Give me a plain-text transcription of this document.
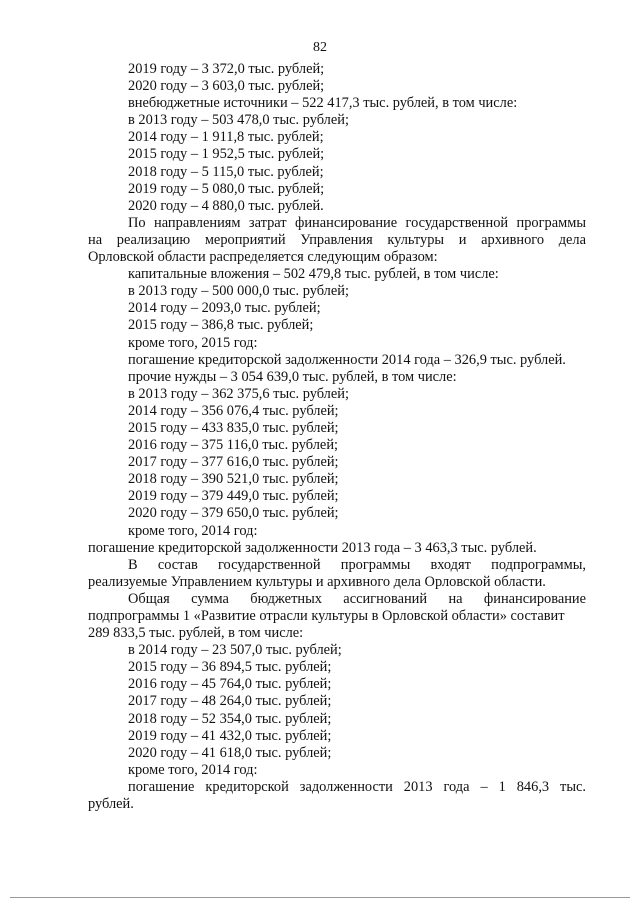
82
2019 году – 3 372,0 тыс. рублей;
2020 году – 3 603,0 тыс. рублей;
внебюджетные источники – 522 417,3 тыс. рублей, в том числе:
в 2013 году – 503 478,0 тыс. рублей;
2014 году – 1 911,8 тыс. рублей;
2015 году – 1 952,5 тыс. рублей;
2018 году – 5 115,0 тыс. рублей;
2019 году – 5 080,0 тыс. рублей;
2020 году – 4 880,0 тыс. рублей.
По направлениям затрат финансирование государственной программы
на реализацию мероприятий Управления культуры и архивного дела
Орловской области распределяется следующим образом:
капитальные вложения – 502 479,8 тыс. рублей, в том числе:
в 2013 году – 500 000,0 тыс. рублей;
2014 году – 2093,0 тыс. рублей;
2015 году – 386,8 тыс. рублей;
кроме того, 2015 год:
погашение кредиторской задолженности 2014 года – 326,9 тыс. рублей.
прочие нужды – 3 054 639,0 тыс. рублей, в том числе:
в 2013 году – 362 375,6 тыс. рублей;
2014 году – 356 076,4 тыс. рублей;
2015 году – 433 835,0 тыс. рублей;
2016 году – 375 116,0 тыс. рублей;
2017 году – 377 616,0 тыс. рублей;
2018 году – 390 521,0 тыс. рублей;
2019 году – 379 449,0 тыс. рублей;
2020 году – 379 650,0 тыс. рублей;
кроме того, 2014 год:
погашение кредиторской задолженности 2013 года – 3 463,3 тыс. рублей.
В состав государственной программы входят подпрограммы,
реализуемые Управлением культуры и архивного дела Орловской области.
Общая сумма бюджетных ассигнований на финансирование
подпрограммы 1 «Развитие отрасли культуры в Орловской области» составит
289 833,5 тыс. рублей, в том числе:
в 2014 году – 23 507,0 тыс. рублей;
2015 году – 36 894,5 тыс. рублей;
2016 году – 45 764,0 тыс. рублей;
2017 году – 48 264,0 тыс. рублей;
2018 году – 52 354,0 тыс. рублей;
2019 году – 41 432,0 тыс. рублей;
2020 году – 41 618,0 тыс. рублей;
кроме того, 2014 год:
погашение кредиторской задолженности 2013 года – 1 846,3 тыс.
рублей.
